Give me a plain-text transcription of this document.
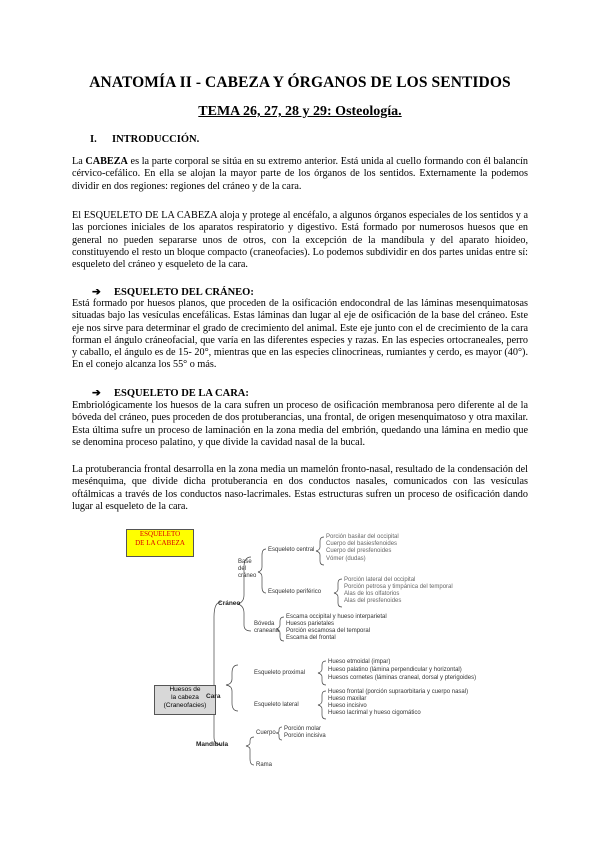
ANATOMÍA II - CABEZA Y ÓRGANOS DE LOS SENTIDOS
TEMA 26, 27, 28 y 29: Osteología.
I. INTRODUCCIÓN.
La CABEZA es la parte corporal se sitúa en su extremo anterior. Está unida al cuello formando con él balancín cérvico-cefálico. En ella se alojan la mayor parte de los órganos de los sentidos. Externamente la podemos dividir en dos regiones: regiones del cráneo y de la cara.
El ESQUELETO DE LA CABEZA aloja y protege al encéfalo, a algunos órganos especiales de los sentidos y a las porciones iniciales de los aparatos respiratorio y digestivo. Está formado por numerosos huesos que en general no pueden separarse unos de otros, con la excepción de la mandíbula y del aparato hioideo, constituyendo el resto un bloque compacto (craneofacies). Lo podemos subdividir en dos partes unidas entre sí: esqueleto del cráneo y esqueleto de la cara.
➔ ESQUELETO DEL CRÁNEO:
Está formado por huesos planos, que proceden de la osificación endocondral de las láminas mesenquimatosas situadas bajo las vesículas encefálicas. Estas láminas dan lugar al eje de osificación de la base del cráneo. Este eje nos sirve para determinar el grado de crecimiento del animal. Este eje junto con el de crecimiento de la cara forman el ángulo cráneofacial, que varía en las diferentes especies y razas. En las especies ortocraneales, perro y caballo, el ángulo es de 15- 20°, mientras que en las especies clinocrineas, rumiantes y cerdo, es mayor (40°). En el conejo alcanza los 55° o más.
➔ ESQUELETO DE LA CARA:
Embriológicamente los huesos de la cara sufren un proceso de osificación membranosa pero diferente al de la bóveda del cráneo, pues proceden de dos protuberancias, una frontal, de origen mesenquimatoso y otra maxilar. Esta última sufre un proceso de laminación en la zona media del embrión, quedando una lámina en medio que se denomina proceso palatino, y que divide la cavidad nasal de la bucal.
La protuberancia frontal desarrolla en la zona media un mamelón fronto-nasal, resultado de la condensación del mesénquima, que divide dicha protuberancia en dos conductos nasales, comunicados con las vesículas oftálmicas a través de los conductos naso-lacrimales. Estas estructuras sufren un proceso de osificación dando lugar al esqueleto de la cara.
ESQUELETO
DE LA CABEZA
Huesos de
la cabeza
(Craneofacies)
Cráneo
Cara
Mandíbula
Base
del
cráneo
Esqueleto central
Porción basilar del occipital
Cuerpo del basiesfenoides
Cuerpo del presfenoides
Vómer (dudas)
Esqueleto periférico
Porción lateral del occipital
Porción petrosa y timpánica del temporal
Alas de los olfatorios
Alas del presfenoides
Bóveda
craneana
Escama occipital y hueso interparietal
Huesos parietales
Porción escamosa del temporal
Escama del frontal
Esqueleto proximal
Hueso etmoidal (impar)
Hueso palatino (lámina perpendicular y horizontal)
Huesos cornetes (láminas craneal, dorsal y pterigoides)
Esqueleto lateral
Hueso frontal (porción supraorbitaria y cuerpo nasal)
Hueso maxilar
Hueso incisivo
Hueso lacrimal y hueso cigomático
Cuerpo
Porción molar
Porción incisiva
Rama
